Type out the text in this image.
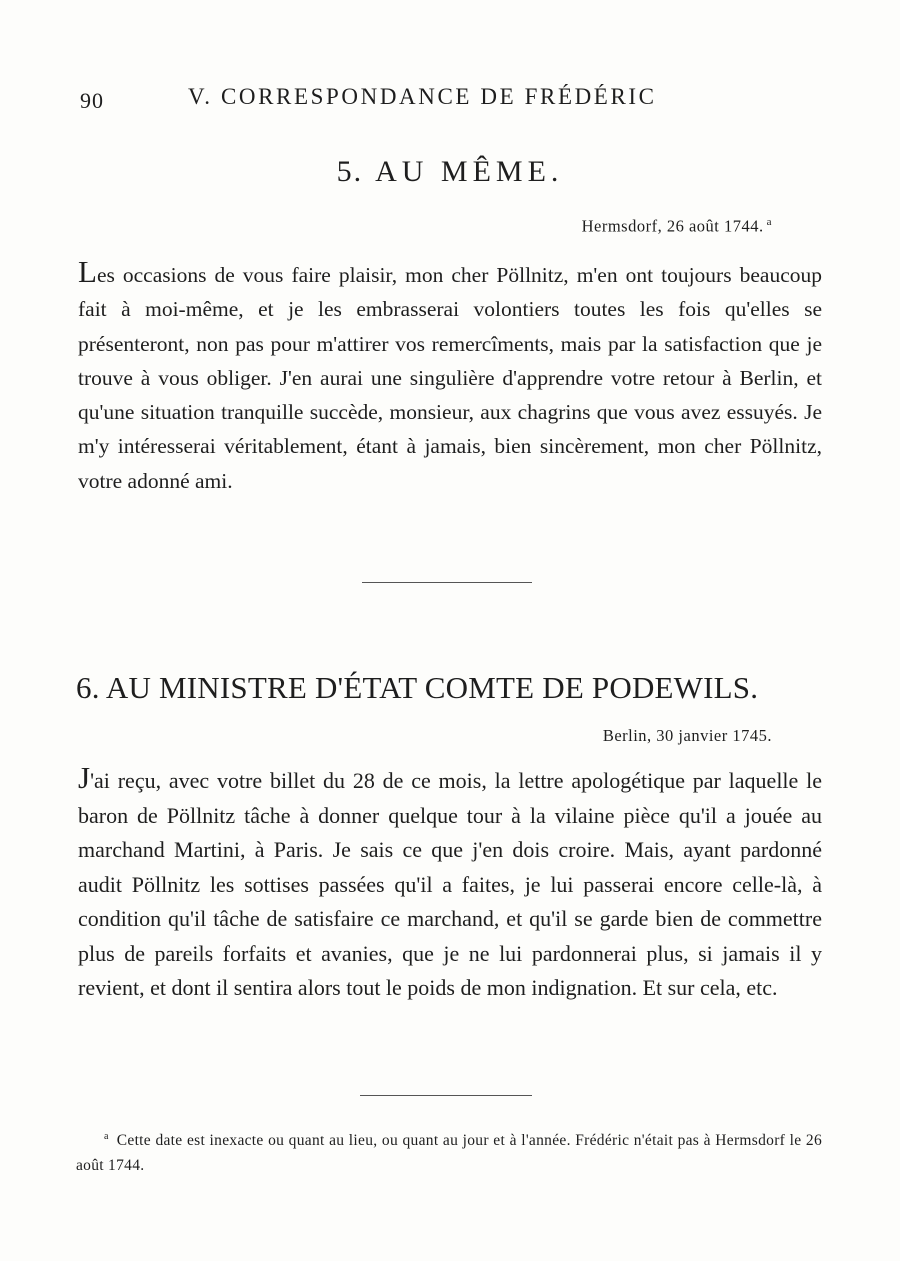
90	V. CORRESPONDANCE DE FRÉDÉRIC
5. AU MÊME.
Hermsdorf, 26 août 1744. $^a$
Les occasions de vous faire plaisir, mon cher Pöllnitz, m'en ont toujours beaucoup fait à moi-même, et je les embrasserai volontiers toutes les fois qu'elles se présenteront, non pas pour m'attirer vos remercîments, mais par la satisfaction que je trouve à vous obliger. J'en aurai une singulière d'apprendre votre retour à Berlin, et qu'une situation tranquille succède, monsieur, aux chagrins que vous avez essuyés. Je m'y intéresserai véritablement, étant à jamais, bien sincèrement, mon cher Pöllnitz, votre adonné ami.
6. AU MINISTRE D'ÉTAT COMTE DE PODEWILS.
Berlin, 30 janvier 1745.
J'ai reçu, avec votre billet du 28 de ce mois, la lettre apologétique par laquelle le baron de Pöllnitz tâche à donner quelque tour à la vilaine pièce qu'il a jouée au marchand Martini, à Paris. Je sais ce que j'en dois croire. Mais, ayant pardonné audit Pöllnitz les sottises passées qu'il a faites, je lui passerai encore celle-là, à condition qu'il tâche de satisfaire ce marchand, et qu'il se garde bien de commettre plus de pareils forfaits et avanies, que je ne lui pardonnerai plus, si jamais il y revient, et dont il sentira alors tout le poids de mon indignation. Et sur cela, etc.
$^a$ Cette date est inexacte ou quant au lieu, ou quant au jour et à l'année. Frédéric n'était pas à Hermsdorf le 26 août 1744.
